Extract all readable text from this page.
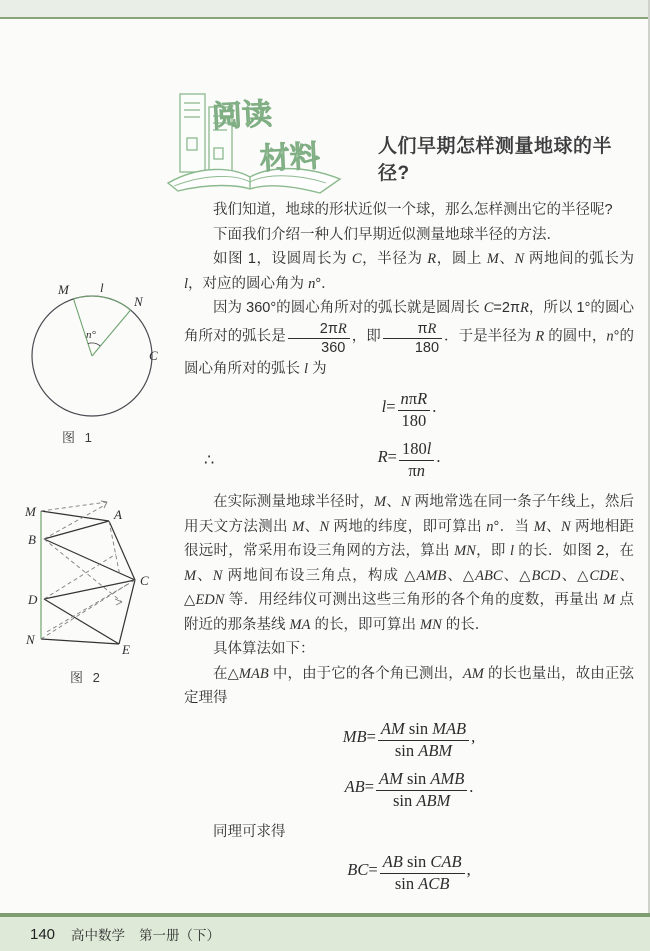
阅读
材料	人们早期怎样测量地球的半径?
M l
N
C
n°
图 1
M	A
B
C
D
N
E
图 2

我们知道，地球的形状近似一个球，那么怎样测出它的半径呢?

下面我们介绍一种人们早期近似测量地球半径的方法．

如图 1，设圆周长为 C，半径为 R，圆上 M、N 两地间的弧长为 l，对应的圆心角为 n°．

因为 360°的圆心角所对的弧长就是圆周长 C=2πR，所以 1°的圆心角所对的弧长是 $\frac{2\pi R}{360}$ ，即 $\frac{\pi R}{180}$ ．于是半径为 R 的圆中，n°的圆心角所对的弧长 l 为

$l= \frac{\text{nπR}}{180}$ .
∴	$R= \frac{180l}{\pi n}$ .

在实际测量地球半径时，M、N 两地常选在同一条子午线上，然后用天文方法测出 M、N 两地的纬度，即可算出 n°．当 M、N 两地相距很远时，常采用布设三角网的方法，算出 MN，即 l 的长．如图 2，在 M、N 两地间布设三角点，构成 △AMB、△ABC、△BCD、△CDE、△EDN 等．用经纬仪可测出这些三角形的各个角的度数，再量出 M 点附近的那条基线 MA 的长，即可算出 MN 的长．

具体算法如下：

在△MAB 中，由于它的各个角已测出，AM 的长也量出，故由正弦定理得

$MB= \frac{\text{AM sin MAB}}{\text{sin ABM}}$ ,
$AB= \frac{\text{AM sin AMB}}{\text{sin ABM}}$ .

同理可求得

$BC= \frac{\text{AB sin CAB}}{\text{sin ACB}}$ ,
140 高中数学 第一册（下）
